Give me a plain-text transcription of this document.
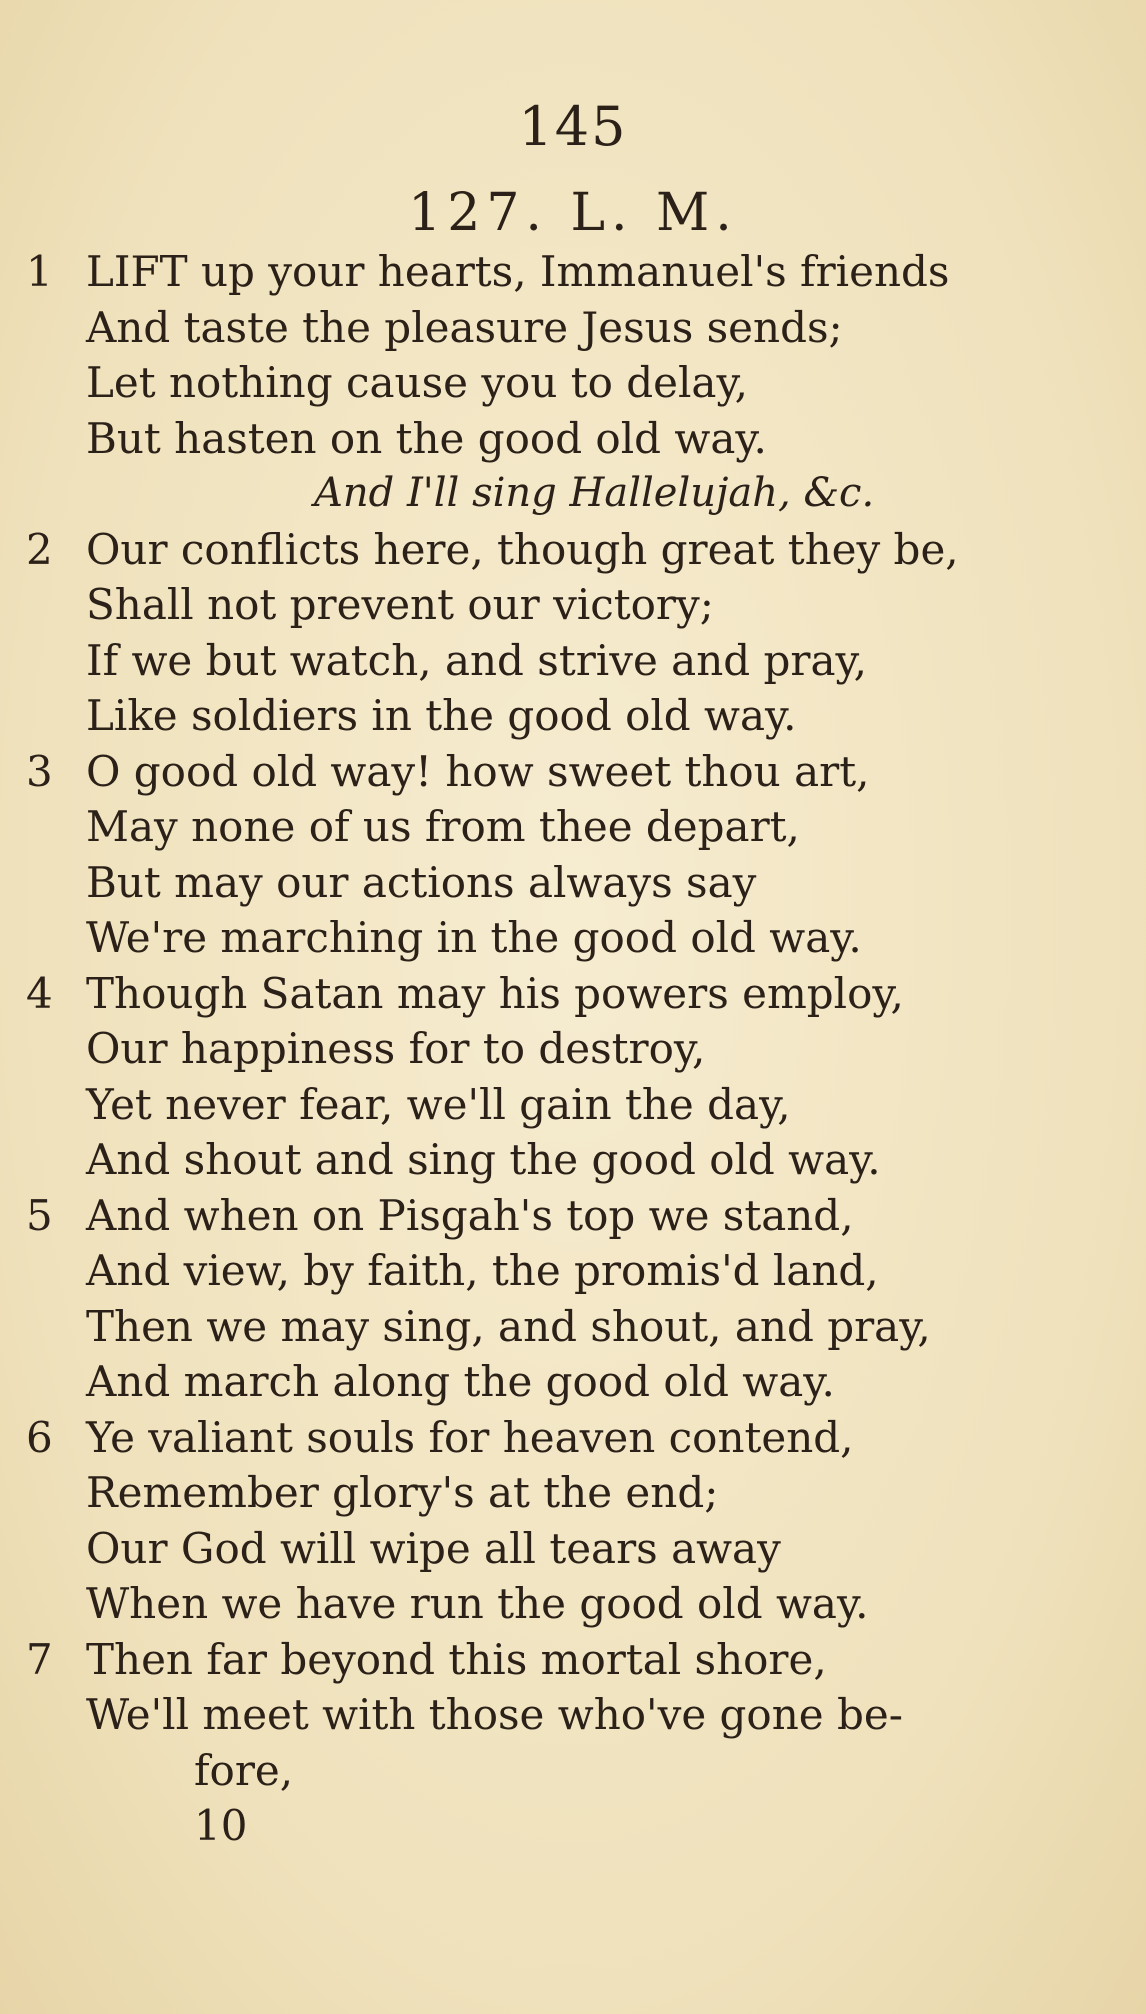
145
127. L. M.
1 LIFT up your hearts, Immanuel's friends
And taste the pleasure Jesus sends;
Let nothing cause you to delay,
But hasten on the good old way.
And I'll sing Hallelujah, &c.
2 Our conflicts here, though great they be,
Shall not prevent our victory;
If we but watch, and strive and pray,
Like soldiers in the good old way.
3 O good old way! how sweet thou art,
May none of us from thee depart,
But may our actions always say
We're marching in the good old way.
4 Though Satan may his powers employ,
Our happiness for to destroy,
Yet never fear, we'll gain the day,
And shout and sing the good old way.
5 And when on Pisgah's top we stand,
And view, by faith, the promis'd land,
Then we may sing, and shout, and pray,
And march along the good old way.
6 Ye valiant souls for heaven contend,
Remember glory's at the end;
Our God will wipe all tears away
When we have run the good old way.
7 Then far beyond this mortal shore,
We'll meet with those who've gone be-
fore,
10
